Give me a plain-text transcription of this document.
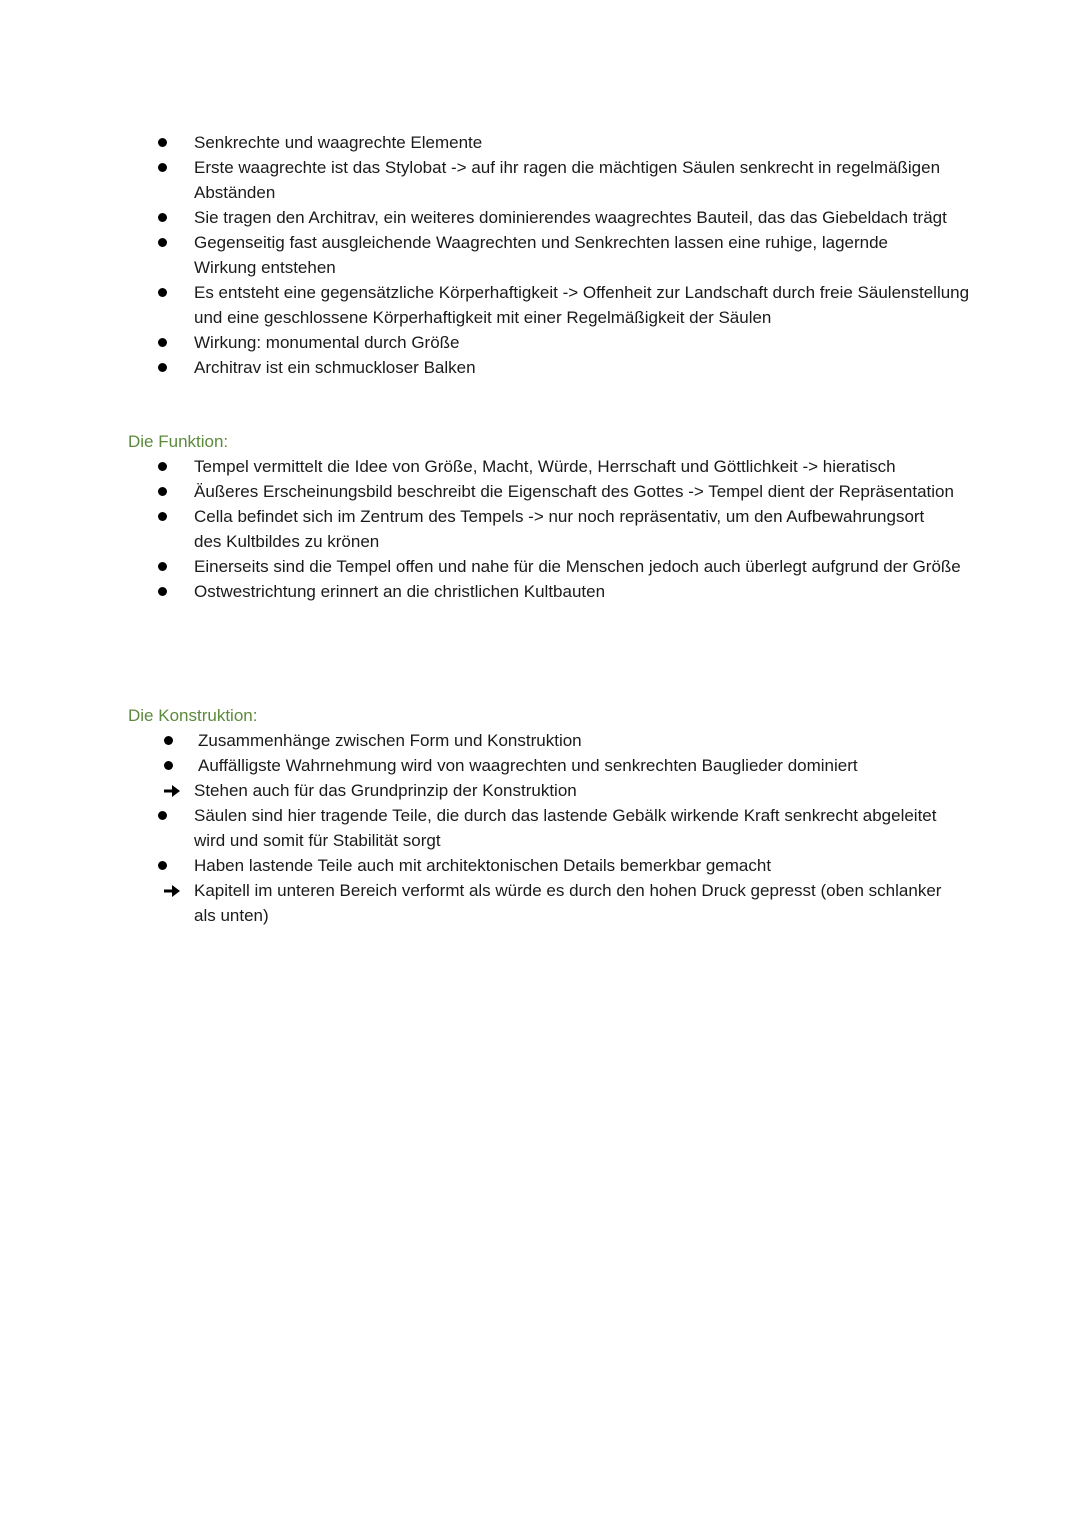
Senkrechte und waagrechte Elemente
Erste waagrechte ist das Stylobat -> auf ihr ragen die mächtigen Säulen senkrecht in regelmäßigen Abständen
Sie tragen den Architrav, ein weiteres dominierendes waagrechtes Bauteil, das das Giebeldach trägt
Gegenseitig fast ausgleichende Waagrechten und Senkrechten lassen eine ruhige, lagernde Wirkung entstehen
Es entsteht eine gegensätzliche Körperhaftigkeit -> Offenheit zur Landschaft durch freie Säulenstellung und eine geschlossene Körperhaftigkeit mit einer Regelmäßigkeit der Säulen
Wirkung: monumental durch Größe
Architrav ist ein schmuckloser Balken
Die Funktion:
Tempel vermittelt die Idee von Größe, Macht, Würde, Herrschaft und Göttlichkeit -> hieratisch
Äußeres Erscheinungsbild beschreibt die Eigenschaft des Gottes -> Tempel dient der Repräsentation
Cella befindet sich im Zentrum des Tempels -> nur noch repräsentativ, um den Aufbewahrungsort des Kultbildes zu krönen
Einerseits sind die Tempel offen und nahe für die Menschen jedoch auch überlegt aufgrund der Größe
Ostwestrichtung erinnert an die christlichen Kultbauten
Die Konstruktion:
Zusammenhänge zwischen Form und Konstruktion
Auffälligste Wahrnehmung wird von waagrechten und senkrechten Bauglieder dominiert
Stehen auch für das Grundprinzip der Konstruktion
Säulen sind hier tragende Teile, die durch das lastende Gebälk wirkende Kraft senkrecht abgeleitet wird und somit für Stabilität sorgt
Haben lastende Teile auch mit architektonischen Details bemerkbar gemacht
Kapitell im unteren Bereich verformt als würde es durch den hohen Druck gepresst (oben schlanker als unten)
